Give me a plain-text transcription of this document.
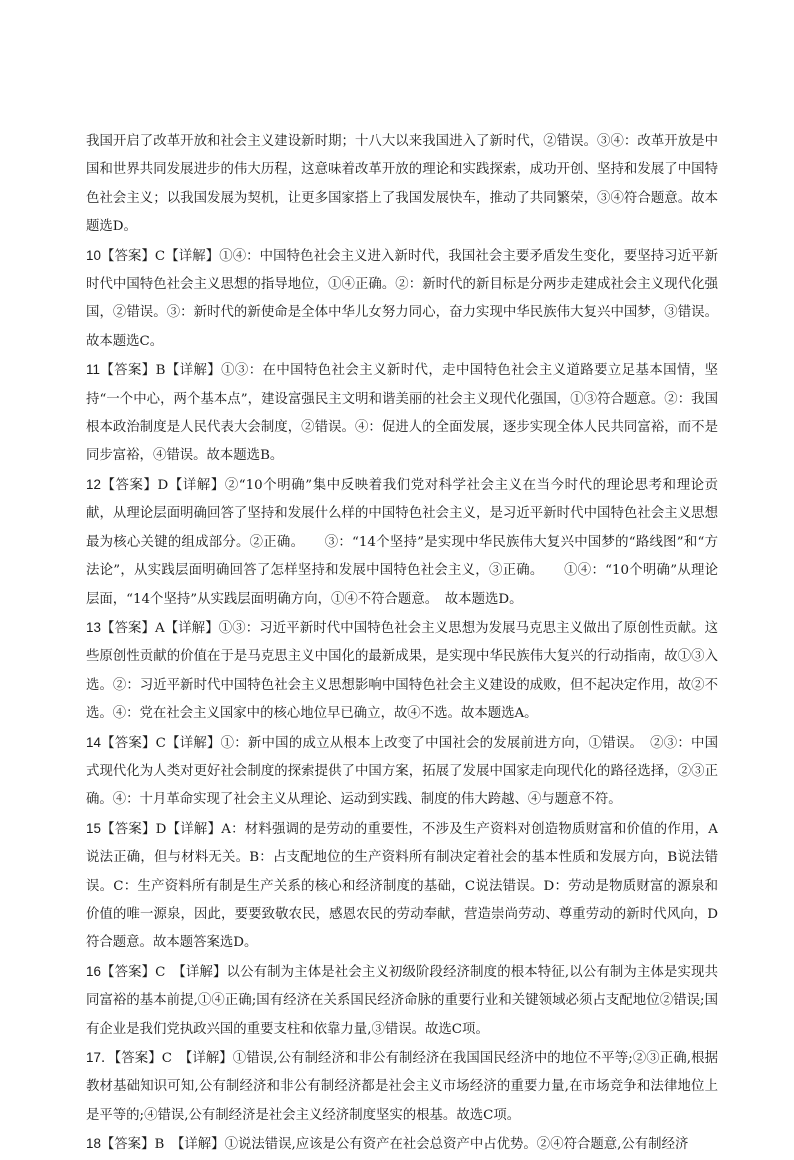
我国开启了改革开放和社会主义建设新时期；十八大以来我国进入了新时代，②错误。③④：改革开放是中国和世界共同发展进步的伟大历程，这意味着改革开放的理论和实践探索，成功开创、坚持和发展了中国特色社会主义；以我国发展为契机，让更多国家搭上了我国发展快车，推动了共同繁荣，③④符合题意。故本题选D。

10【答案】C【详解】①④：中国特色社会主义进入新时代，我国社会主要矛盾发生变化，要坚持习近平新时代中国特色社会主义思想的指导地位，①④正确。②：新时代的新目标是分两步走建成社会主义现代化强国，②错误。③：新时代的新使命是全体中华儿女努力同心，奋力实现中华民族伟大复兴中国梦，③错误。故本题选C。

11【答案】B【详解】①③：在中国特色社会主义新时代，走中国特色社会主义道路要立足基本国情，坚持“一个中心，两个基本点”，建设富强民主文明和谐美丽的社会主义现代化强国，①③符合题意。②：我国根本政治制度是人民代表大会制度，②错误。④：促进人的全面发展，逐步实现全体人民共同富裕，而不是同步富裕，④错误。故本题选B。

12【答案】D【详解】②“10个明确”集中反映着我们党对科学社会主义在当今时代的理论思考和理论贡献，从理论层面明确回答了坚持和发展什么样的中国特色社会主义，是习近平新时代中国特色社会主义思想最为核心关键的组成部分。②正确。　　③：“14个坚持”是实现中华民族伟大复兴中国梦的“路线图”和“方法论”，从实践层面明确回答了怎样坚持和发展中国特色社会主义，③正确。　　①④：“10个明确”从理论层面，“14个坚持”从实践层面明确方向，①④不符合题意。　故本题选D。

13【答案】A【详解】①③：习近平新时代中国特色社会主义思想为发展马克思主义做出了原创性贡献。这些原创性贡献的价值在于是马克思主义中国化的最新成果，是实现中华民族伟大复兴的行动指南，故①③入选。②：习近平新时代中国特色社会主义思想影响中国特色社会主义建设的成败，但不起决定作用，故②不选。④：党在社会主义国家中的核心地位早已确立，故④不选。故本题选A。

14【答案】C【详解】①：新中国的成立从根本上改变了中国社会的发展前进方向，①错误。　②③：中国式现代化为人类对更好社会制度的探索提供了中国方案，拓展了发展中国家走向现代化的路径选择，②③正确。④：十月革命实现了社会主义从理论、运动到实践、制度的伟大跨越、④与题意不符。

15【答案】D【详解】A：材料强调的是劳动的重要性，不涉及生产资料对创造物质财富和价值的作用，A说法正确，但与材料无关。B：占支配地位的生产资料所有制决定着社会的基本性质和发展方向，B说法错误。C：生产资料所有制是生产关系的核心和经济制度的基础，C说法错误。D：劳动是物质财富的源泉和价值的唯一源泉，因此，要要致敬农民，感恩农民的劳动奉献，营造崇尚劳动、尊重劳动的新时代风向，D符合题意。故本题答案选D。

16【答案】C　【详解】以公有制为主体是社会主义初级阶段经济制度的根本特征,以公有制为主体是实现共同富裕的基本前提,①④正确;国有经济在关系国民经济命脉的重要行业和关键领域必须占支配地位②错误;国有企业是我们党执政兴国的重要支柱和依靠力量,③错误。故选C项。

17．【答案】C　【详解】①错误,公有制经济和非公有制经济在我国国民经济中的地位不平等;②③正确,根据教材基础知识可知,公有制经济和非公有制经济都是社会主义市场经济的重要力量,在市场竞争和法律地位上是平等的;④错误,公有制经济是社会主义经济制度坚实的根基。故选C项。

18【答案】B　【详解】①说法错误,应该是公有资产在社会总资产中占优势。②④符合题意,公有制经济
